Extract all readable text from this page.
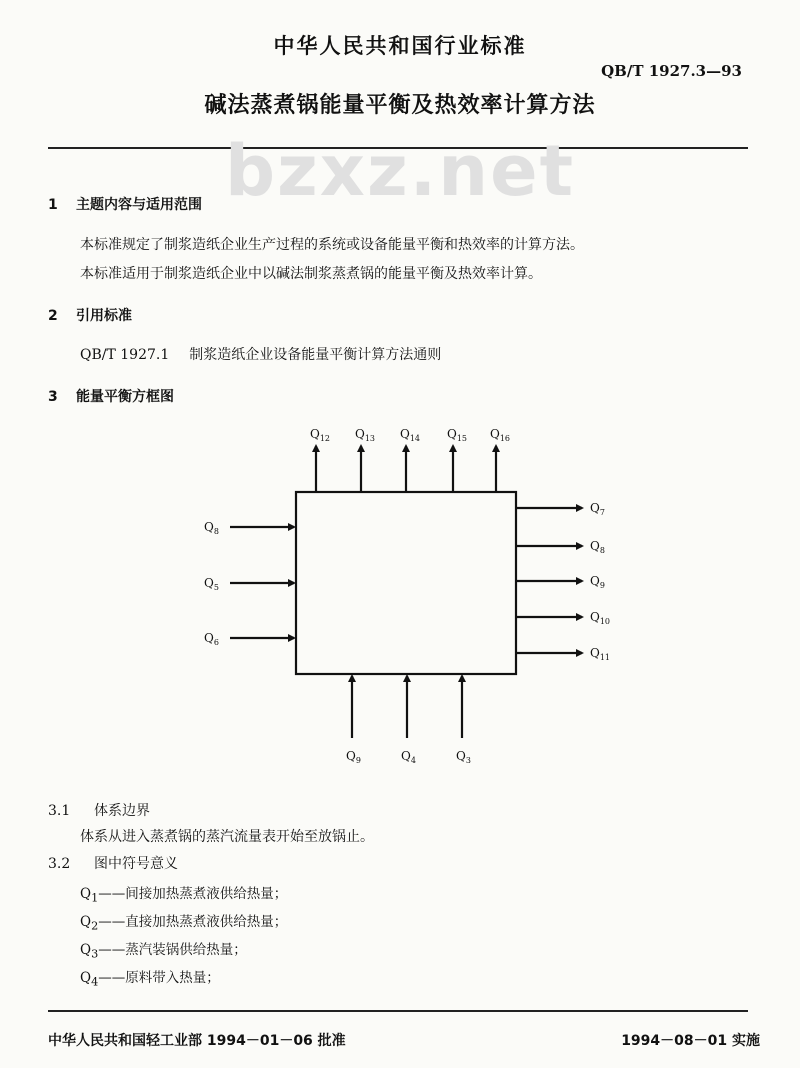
中华人民共和国行业标准
QB/T 1927.3—93
碱法蒸煮锅能量平衡及热效率计算方法
bzxz.net
1 主题内容与适用范围
本标准规定了制浆造纸企业生产过程的系统或设备能量平衡和热效率的计算方法。
本标准适用于制浆造纸企业中以碱法制浆蒸煮锅的能量平衡及热效率计算。
2 引用标准
QB/T 1927.1 制浆造纸企业设备能量平衡计算方法通则
3 能量平衡方框图
$Q_{12}$ $Q_{13}$ $Q_{14}$ $Q_{15}$ $Q_{16}$
$Q_8$
$Q_5$
$Q_6$
$Q_7$
$Q_8$
$Q_9$
$Q_{10}$
$Q_{11}$
$Q_9$	$Q_4$	$Q_3$
3.1 体系边界
体系从进入蒸煮锅的蒸汽流量表开始至放锅止。
3.2 图中符号意义
$Q_1——$间接加热蒸煮液供给热量；
$Q_2——$直接加热蒸煮液供给热量；
$Q_3——$蒸汽装锅供给热量；
$Q_4——$原料带入热量；
中华人民共和国轻工业部 1994－01－06 批准	1994－08－01 实施
